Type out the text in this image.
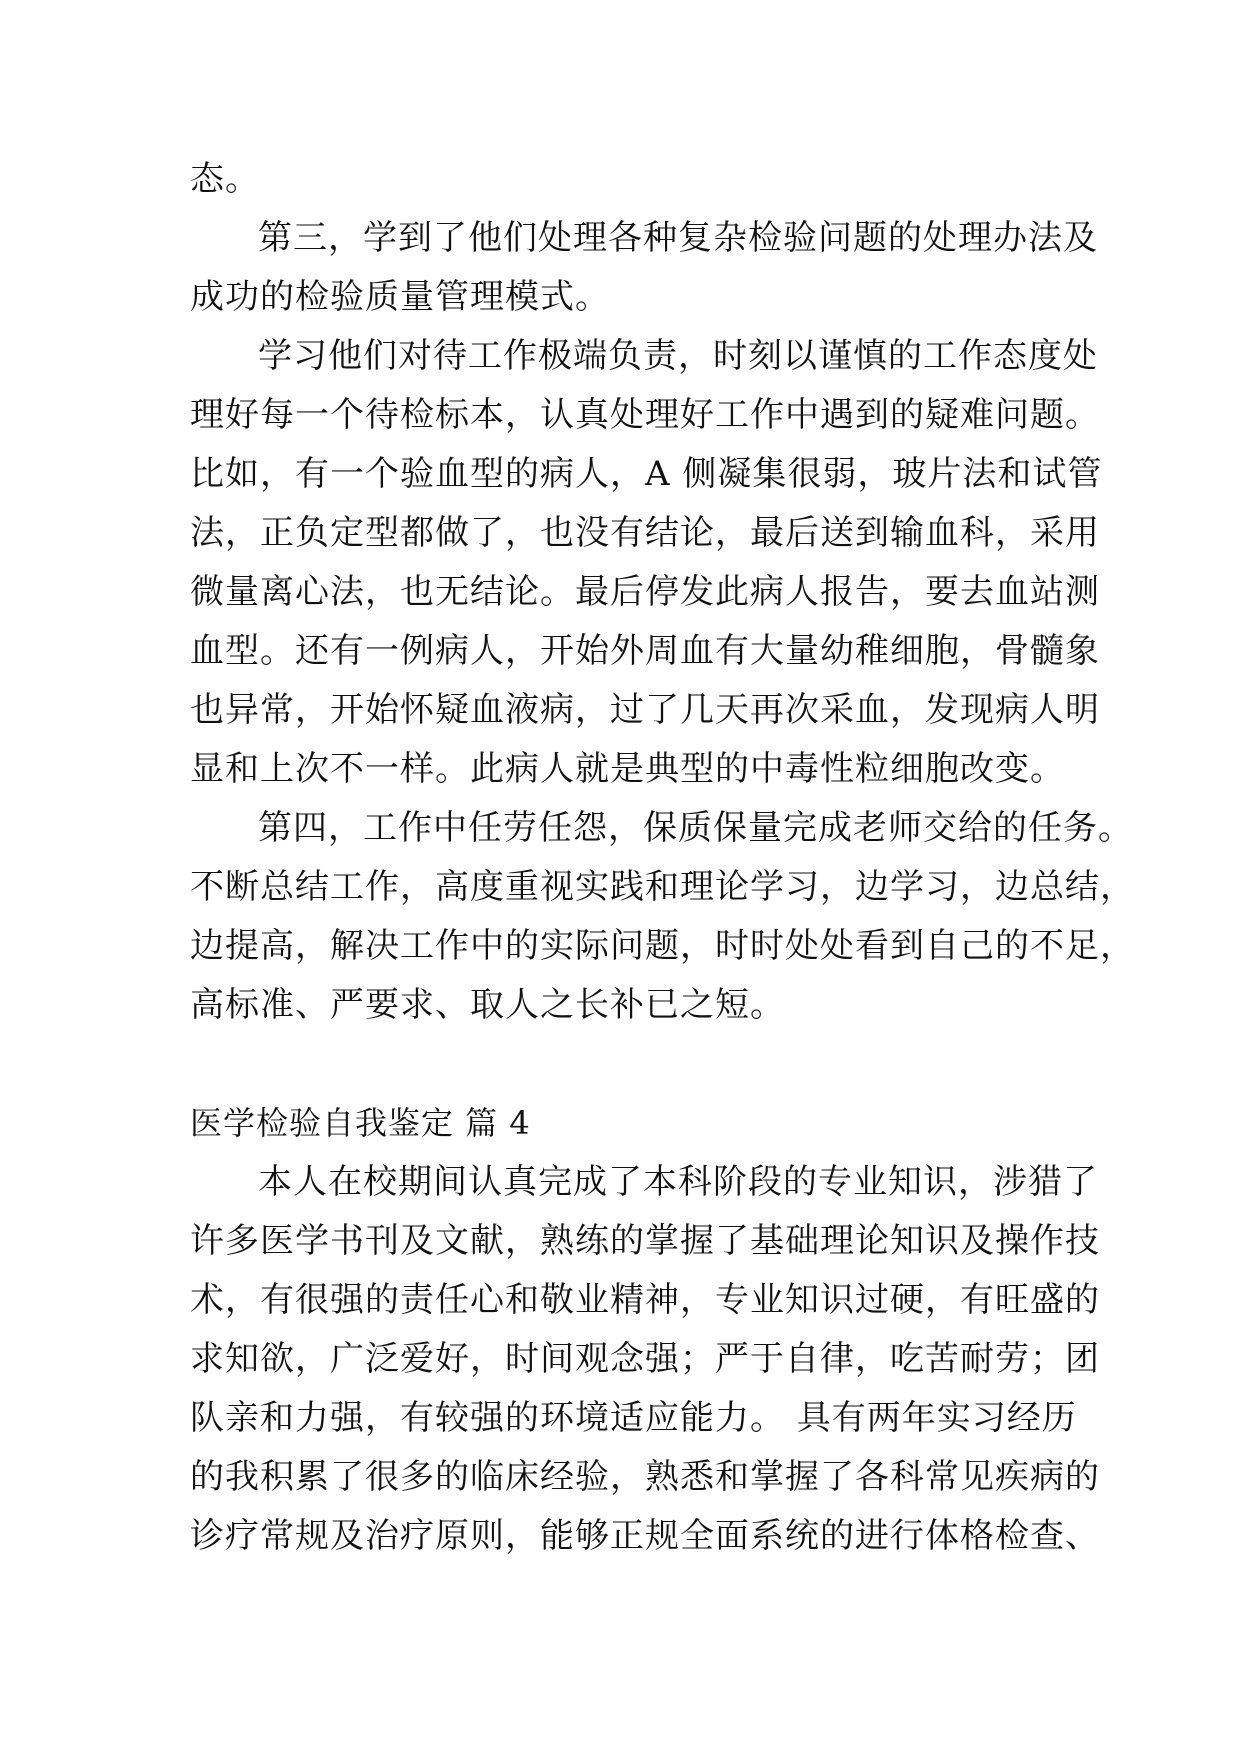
态。
第三，学到了他们处理各种复杂检验问题的处理办法及
成功的检验质量管理模式。
学习他们对待工作极端负责，时刻以谨慎的工作态度处
理好每一个待检标本，认真处理好工作中遇到的疑难问题。
比如，有一个验血型的病人，A 侧凝集很弱，玻片法和试管
法，正负定型都做了，也没有结论，最后送到输血科，采用
微量离心法，也无结论。最后停发此病人报告，要去血站测
血型。还有一例病人，开始外周血有大量幼稚细胞，骨髓象
也异常，开始怀疑血液病，过了几天再次采血，发现病人明
显和上次不一样。此病人就是典型的中毒性粒细胞改变。
第四，工作中任劳任怨，保质保量完成老师交给的任务。
不断总结工作，高度重视实践和理论学习，边学习，边总结，
边提高，解决工作中的实际问题，时时处处看到自己的不足，
高标准、严要求、取人之长补已之短。
医学检验自我鉴定 篇 4
本人在校期间认真完成了本科阶段的专业知识，涉猎了
许多医学书刊及文献，熟练的掌握了基础理论知识及操作技
术，有很强的责任心和敬业精神，专业知识过硬，有旺盛的
求知欲，广泛爱好，时间观念强；严于自律，吃苦耐劳；团
队亲和力强，有较强的环境适应能力。 具有两年实习经历
的我积累了很多的临床经验，熟悉和掌握了各科常见疾病的
诊疗常规及治疗原则，能够正规全面系统的进行体格检查、
